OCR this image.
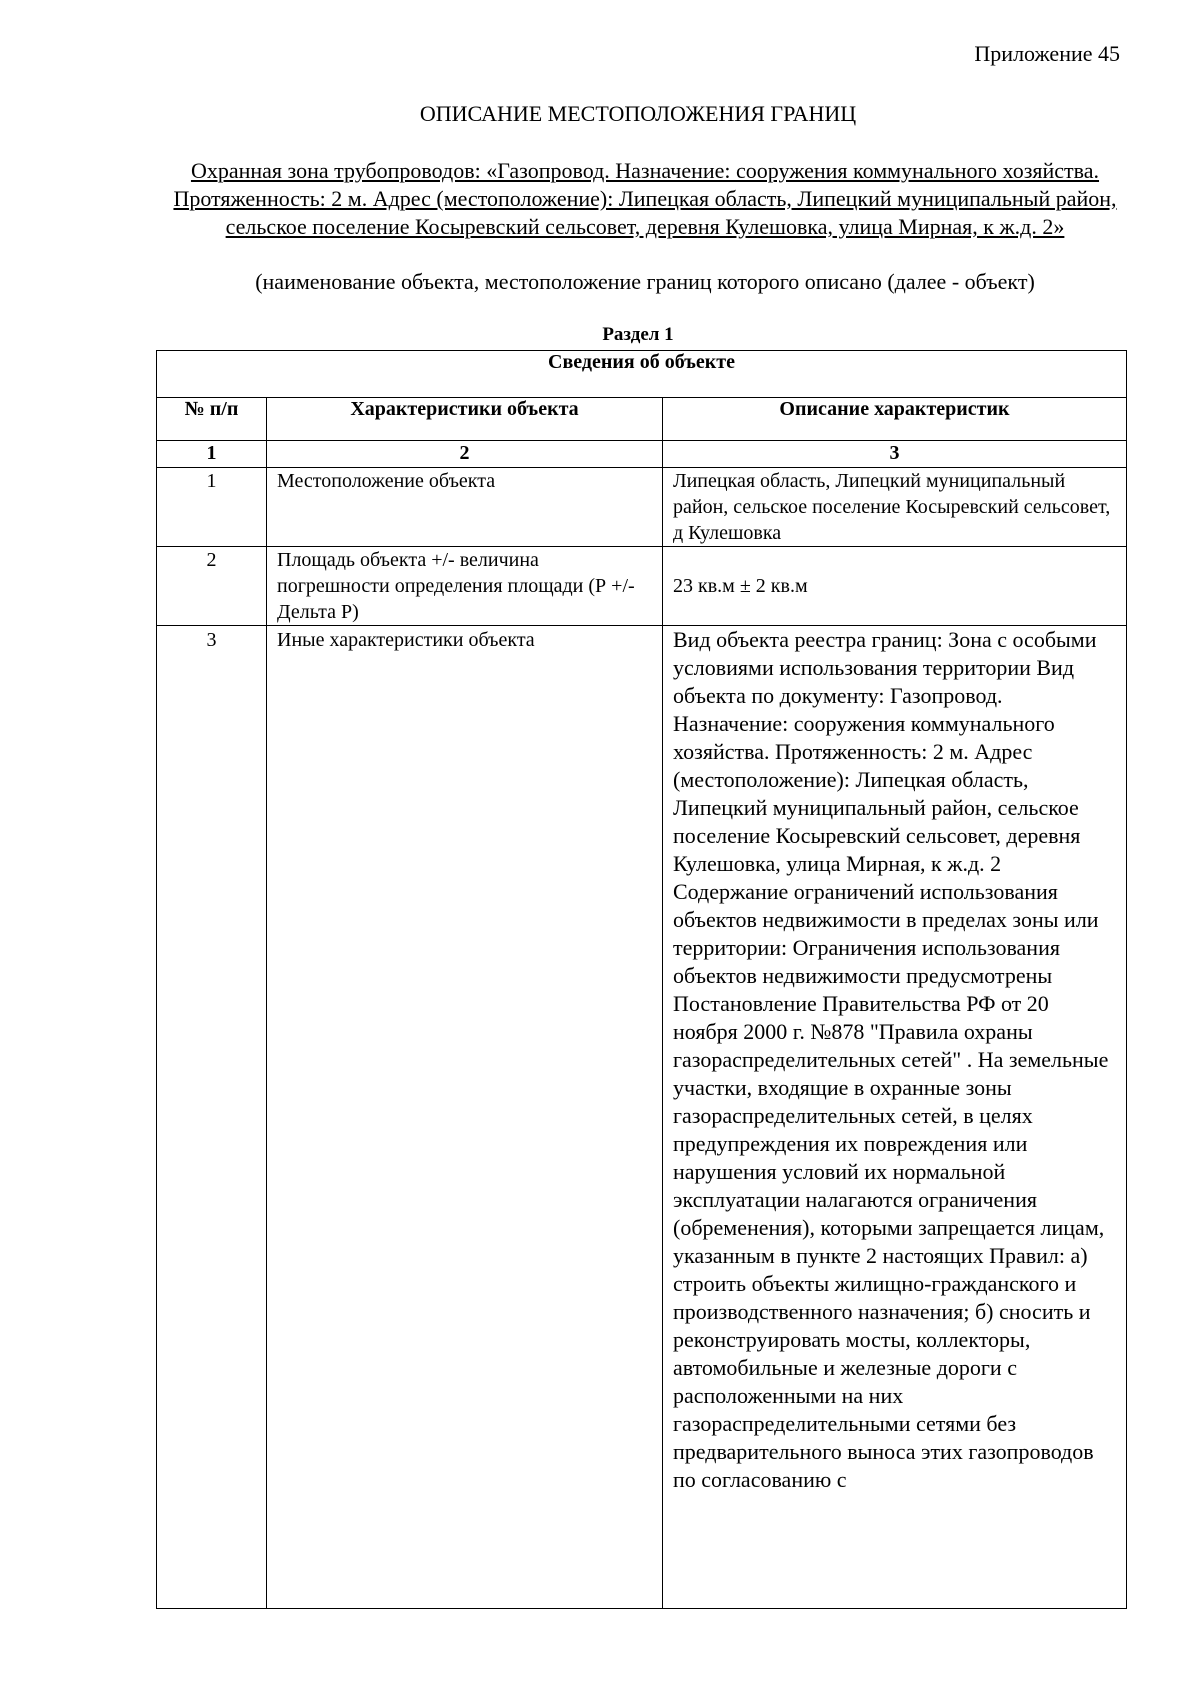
Приложение 45
ОПИСАНИЕ МЕСТОПОЛОЖЕНИЯ ГРАНИЦ
Охранная зона трубопроводов: «Газопровод. Назначение: сооружения коммунального хозяйства. Протяженность: 2 м. Адрес (местоположение): Липецкая область, Липецкий муниципальный район, сельское поселение Косыревский сельсовет, деревня Кулешовка, улица Мирная, к ж.д. 2»
(наименование объекта, местоположение границ которого описано (далее - объект)
Раздел 1
Сведения об объекте		
№ п/п	Характеристики объекта	Описание характеристик
1	2	3
1	Местоположение объекта	Липецкая область, Липецкий муниципальный район, сельское поселение Косыревский сельсовет, д Кулешовка
2	Площадь объекта +/- величина погрешности определения площади (Р +/- Дельта Р)	23 кв.м ± 2 кв.м
3	Иные характеристики объекта	Вид объекта реестра границ: Зона с особыми условиями использования территории Вид объекта по документу: Газопровод. Назначение: сооружения коммунального хозяйства. Протяженность: 2 м. Адрес (местоположение): Липецкая область, Липецкий муниципальный район, сельское поселение Косыревский сельсовет, деревня Кулешовка, улица Мирная, к ж.д. 2 Содержание ограничений использования объектов недвижимости в пределах зоны или территории: Ограничения использования объектов недвижимости предусмотрены Постановление Правительства РФ от 20 ноября 2000 г. №878 "Правила охраны газораспределительных сетей" . На земельные участки, входящие в охранные зоны газораспределительных сетей, в целях предупреждения их повреждения или нарушения условий их нормальной эксплуатации налагаются ограничения (обременения), которыми запрещается лицам, указанным в пункте 2 настоящих Правил: а) строить объекты жилищно-гражданского и производственного назначения; б) сносить и реконструировать мосты, коллекторы, автомобильные и железные дороги с расположенными на них газораспределительными сетями без предварительного выноса этих газопроводов по согласованию с
